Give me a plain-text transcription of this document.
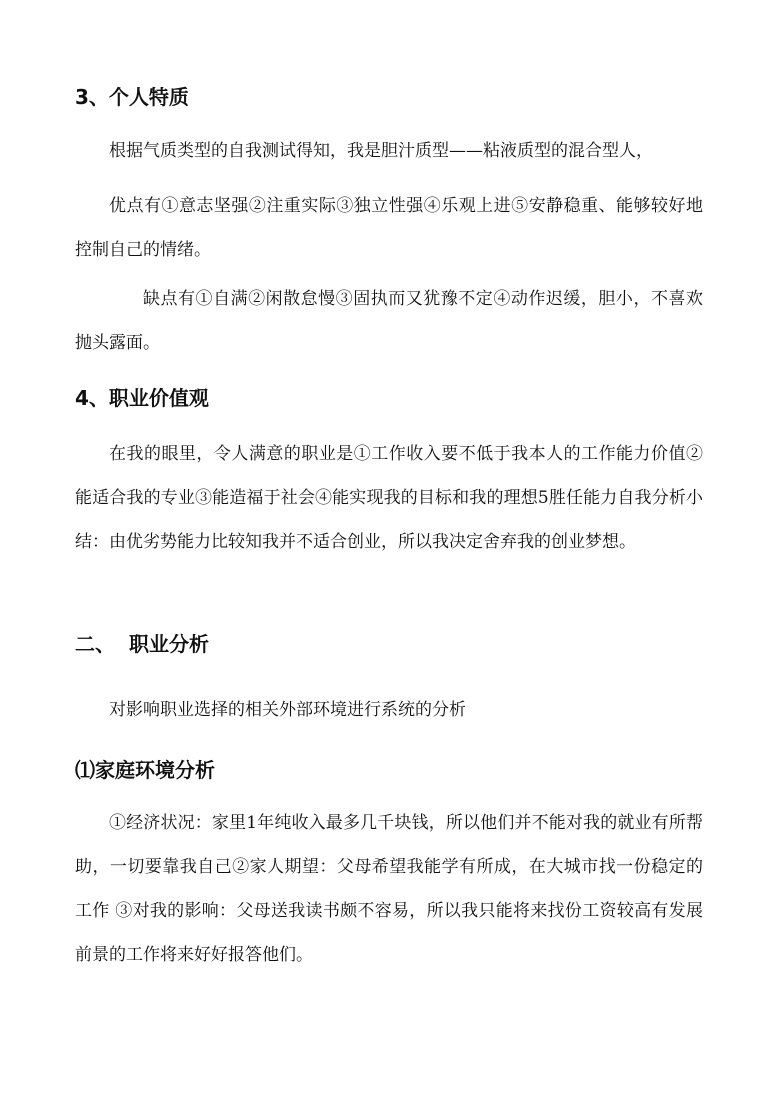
3、个人特质

根据气质类型的自我测试得知，我是胆汁质型——粘液质型的混合型人，

优点有①意志坚强②注重实际③独立性强④乐观上进⑤安静稳重、能够较好地控制自己的情绪。

缺点有①自满②闲散怠慢③固执而又犹豫不定④动作迟缓，胆小，不喜欢抛头露面。

4、职业价值观

在我的眼里，令人满意的职业是①工作收入要不低于我本人的工作能力价值②能适合我的专业③能造福于社会④能实现我的目标和我的理想5胜任能力自我分析小结：由优劣势能力比较知我并不适合创业，所以我决定舍弃我的创业梦想。

二、 职业分析

对影响职业选择的相关外部环境进行系统的分析

⑴家庭环境分析

①经济状况：家里1年纯收入最多几千块钱，所以他们并不能对我的就业有所帮助，一切要靠我自己②家人期望：父母希望我能学有所成，在大城市找一份稳定的工作 ③对我的影响：父母送我读书颇不容易，所以我只能将来找份工资较高有发展前景的工作将来好好报答他们。
